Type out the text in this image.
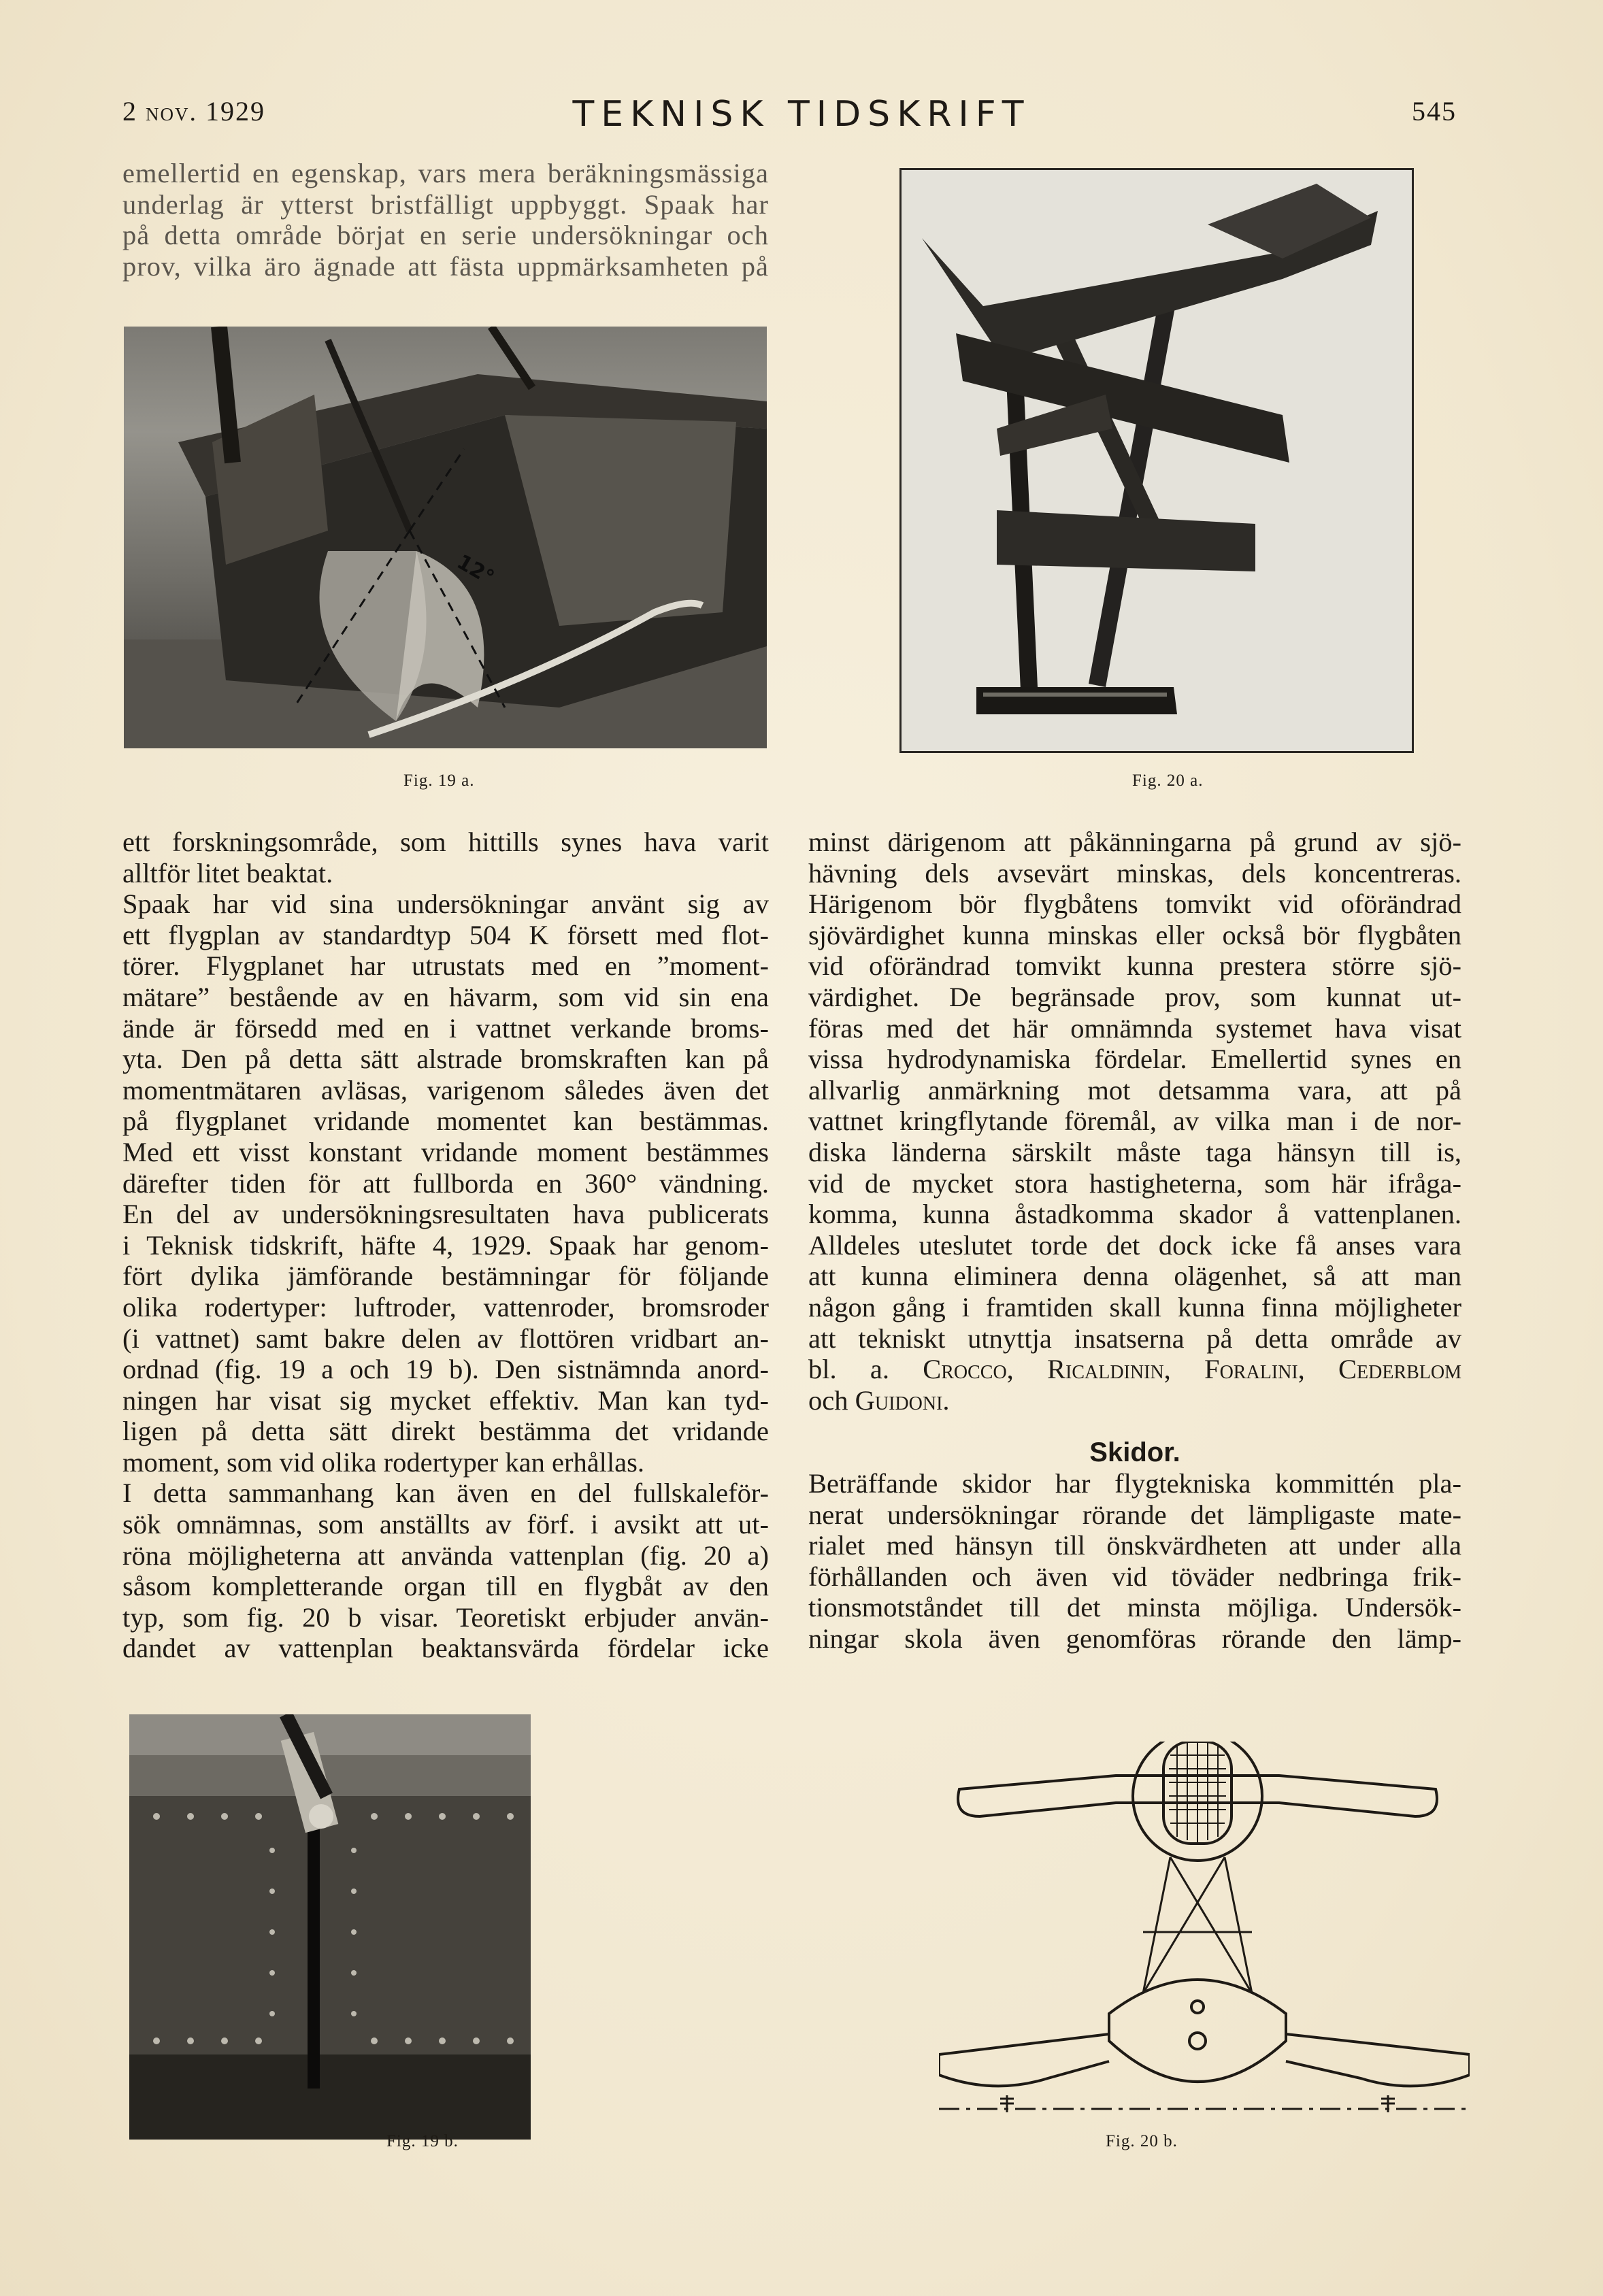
2 nov. 1929	TEKNISK TIDSKRIFT	545
emellertid en egenskap, vars mera beräkningsmässiga
underlag är ytterst bristfälligt uppbyggt. Spaak har
på detta område börjat en serie undersökningar och
prov, vilka äro ägnade att fästa uppmärksamheten på
12°
Fig. 19 a.	Fig. 20 a.
ett forskningsområde, som hittills synes hava varit
alltför litet beaktat.
Spaak har vid sina undersökningar använt sig av
ett flygplan av standardtyp 504 K försett med flot-
törer. Flygplanet har utrustats med en ”moment-
mätare” bestående av en hävarm, som vid sin ena
ände är försedd med en i vattnet verkande broms-
yta. Den på detta sätt alstrade bromskraften kan på
momentmätaren avläsas, varigenom således även det
på flygplanet vridande momentet kan bestämmas.
Med ett visst konstant vridande moment bestämmes
därefter tiden för att fullborda en 360° vändning.
En del av undersökningsresultaten hava publicerats
i Teknisk tidskrift, häfte 4, 1929. Spaak har genom-
fört dylika jämförande bestämningar för följande
olika rodertyper: luftroder, vattenroder, bromsroder
(i vattnet) samt bakre delen av flottören vridbart an-
ordnad (fig. 19 a och 19 b). Den sistnämnda anord-
ningen har visat sig mycket effektiv. Man kan tyd-
ligen på detta sätt direkt bestämma det vridande
moment, som vid olika rodertyper kan erhållas.
I detta sammanhang kan även en del fullskaleför-
sök omnämnas, som anställts av förf. i avsikt att ut-
röna möjligheterna att använda vattenplan (fig. 20 a)
såsom kompletterande organ till en flygbåt av den
typ, som fig. 20 b visar. Teoretiskt erbjuder använ-
dandet av vattenplan beaktansvärda fördelar icke
minst därigenom att påkänningarna på grund av sjö-
hävning dels avsevärt minskas, dels koncentreras.
Härigenom bör flygbåtens tomvikt vid oförändrad
sjövärdighet kunna minskas eller också bör flygbåten
vid oförändrad tomvikt kunna prestera större sjö-
värdighet. De begränsade prov, som kunnat ut-
föras med det här omnämnda systemet hava visat
vissa hydrodynamiska fördelar. Emellertid synes en
allvarlig anmärkning mot detsamma vara, att på
vattnet kringflytande föremål, av vilka man i de nor-
diska länderna särskilt måste taga hänsyn till is,
vid de mycket stora hastigheterna, som här ifråga-
komma, kunna åstadkomma skador å vattenplanen.
Alldeles uteslutet torde det dock icke få anses vara
att kunna eliminera denna olägenhet, så att man
någon gång i framtiden skall kunna finna möjligheter
att tekniskt utnyttja insatserna på detta område av
bl. a. Crocco, Ricaldinin, Foralini, Cederblom
och Guidoni.
Skidor.
Beträffande skidor har flygtekniska kommittén pla-
nerat undersökningar rörande det lämpligaste mate-
rialet med hänsyn till önskvärdheten att under alla
förhållanden och även vid töväder nedbringa frik-
tionsmotståndet till det minsta möjliga. Undersök-
ningar skola även genomföras rörande den lämp-
Fig. 19 b.	Fig. 20 b.
